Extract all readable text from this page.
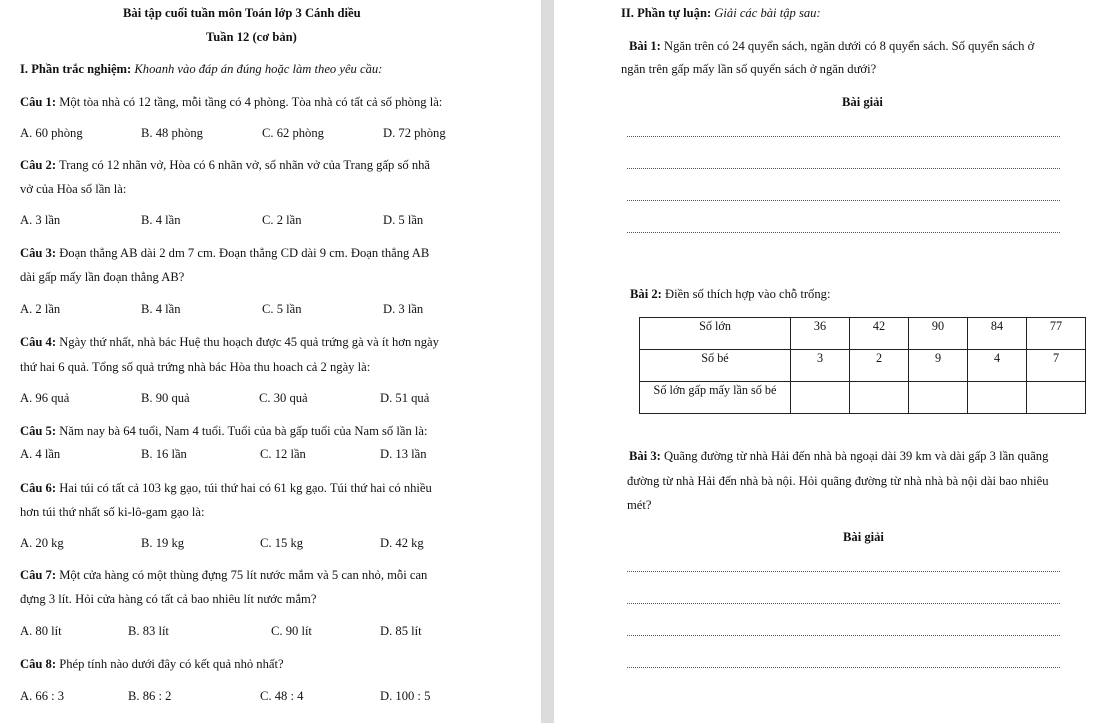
Bài tập cuối tuần môn Toán lớp 3 Cánh diều
Tuần 12 (cơ bản)
I. Phần trắc nghiệm: Khoanh vào đáp án đúng hoặc làm theo yêu cầu:
Câu 1: Một tòa nhà có 12 tầng, mỗi tầng có 4 phòng. Tòa nhà có tất cả số phòng là:
A. 60 phòng	B. 48 phòng	C. 62 phòng	D. 72 phòng
Câu 2: Trang có 12 nhãn vở, Hòa có 6 nhãn vở, số nhãn vở của Trang gấp số nhã
vở của Hòa số lần là:
A. 3 lần	B. 4 lần	C. 2 lần	D. 5 lần
Câu 3: Đoạn thẳng AB dài 2 dm 7 cm. Đoạn thẳng CD dài 9 cm. Đoạn thẳng AB
dài gấp mấy lần đoạn thẳng AB?
A. 2 lần	B. 4 lần	C. 5 lần	D. 3 lần
Câu 4: Ngày thứ nhất, nhà bác Huệ thu hoạch được 45 quả trứng gà và ít hơn ngày
thứ hai 6 quả. Tổng số quả trứng nhà bác Hòa thu hoach cả 2 ngày là:
A. 96 quả	B. 90 quả	C. 30 quả	D. 51 quả
Câu 5: Năm nay bà 64 tuổi, Nam 4 tuổi. Tuổi của bà gấp tuổi của Nam số lần là:
A. 4 lần	B. 16 lần	C. 12 lần	D. 13 lần
Câu 6: Hai túi có tất cả 103 kg gạo, túi thứ hai có 61 kg gạo. Túi thứ hai có nhiều
hơn túi thứ nhất số ki-lô-gam gạo là:
A. 20 kg	B. 19 kg	C. 15 kg	D. 42 kg
Câu 7: Một cửa hàng có một thùng đựng 75 lít nước mắm và 5 can nhỏ, mỗi can
đựng 3 lít. Hỏi cửa hàng có tất cả bao nhiêu lít nước mắm?
A. 80 lít	B. 83 lít	C. 90 lít	D. 85 lít
Câu 8: Phép tính nào dưới đây có kết quả nhỏ nhất?
A. 66 : 3	B. 86 : 2	C. 48 : 4	D. 100 : 5
II. Phần tự luận: Giải các bài tập sau:
Bài 1: Ngăn trên có 24 quyển sách, ngăn dưới có 8 quyển sách. Số quyển sách ở
ngăn trên gấp mấy lần số quyển sách ở ngăn dưới?
Bài giải
Bài 2: Điền số thích hợp vào chỗ trống:
Số lớn	36	42	90	84	77
Số bé	3	2	9	4	7
Số lớn gấp mấy lần số bé					
Bài 3: Quãng đường từ nhà Hải đến nhà bà ngoại dài 39 km và dài gấp 3 lần quãng
đường từ nhà Hải đến nhà bà nội. Hỏi quãng đường từ nhà nhà bà nội dài bao nhiêu
mét?
Bài giải
